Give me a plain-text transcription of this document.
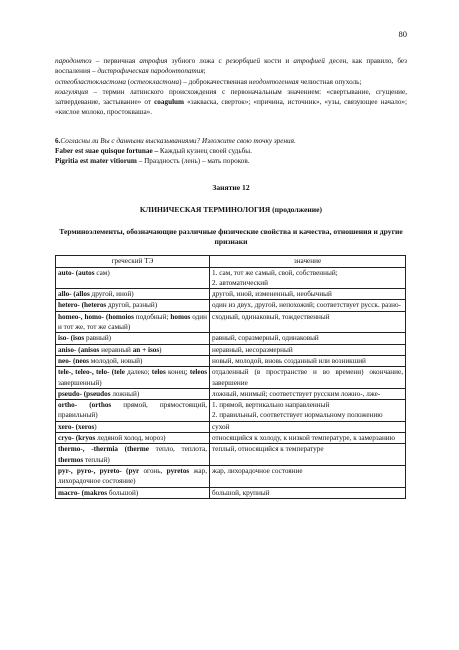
80

пародонтоз – первичная атрофия зубного ложа с резорбцией кости и атрофией десен, как правило, без воспаления – дистрофическая пародонтопатия;

остеобластокластома (остеокластома) – доброкачественная неодонтогенная челюстная опухоль;

коагуляция – термин латинского происхождения с первоначальным значением: «свертывание, сгущение, затвердевание, застывание» от coagulum «закваска, сверток»; «причина, источник», «узы, связующее начало»; «кислое молоко, простокваша».

6.Согласны ли Вы с данными высказываниями? Изложите свою точку зрения.

Faber est suae quisque fortunae – Каждый кузнец своей судьбы.

Pigritia est mater vitiorum – Праздность (лень) – мать пороков.

Занятие 12
КЛИНИЧЕСКАЯ ТЕРМИНОЛОГИЯ (продолжение)
Терминоэлементы, обозначающие различные физические свойства и качества, отношения и другие признаки
греческий ТЭ	значение
auto- (autos сам)	1. сам, тот же самый, свой, собственный;
2. автоматический
allo- (allos другой, иной)	другой, иной, измененный, необычный
hetero- (heteros другой, разный)	один из двух, другой, непохожий; соответствует русск. разно-
homeo-, homo- (homoios подобный; homos один и тот же, тот же самый)	сходный, одинаковый, тождественный
iso- (isos равный)	равный, соразмерный, одинаковый
aniso- (anisos неравный an + isos)	неравный, несоразмерный
neo- (neos молодой, новый)	новый, молодой, вновь созданный или возникший
tele-, teleo-, telo- (tele далеко; telos конец; teleos завершенный)	отдаленный (в пространстве и во времени) окончание, завершение
pseudo- (pseudos ложный)	ложный, мнимый; соответствует русским ложно-, лже-
ortho- (orthos прямой, прямостоящий, правильный)	1. прямой, вертикально направленный
2. правильный, соответствует нормальному положению
xero- (xeros)	сухой
cryo- (kryos ледяной холод, мороз)	относящийся к холоду, к низкой температуре, к замерзанию
thermo-, -thermia (therme тепло, теплота, thermos теплый)	теплый, относящийся к температуре
pyr-, pyro-, pyreto- (pyr огонь, pyretos жар, лихорадочное состояние)	жар, лихорадочное состояние
macro- (makros большой)	большой, крупный
